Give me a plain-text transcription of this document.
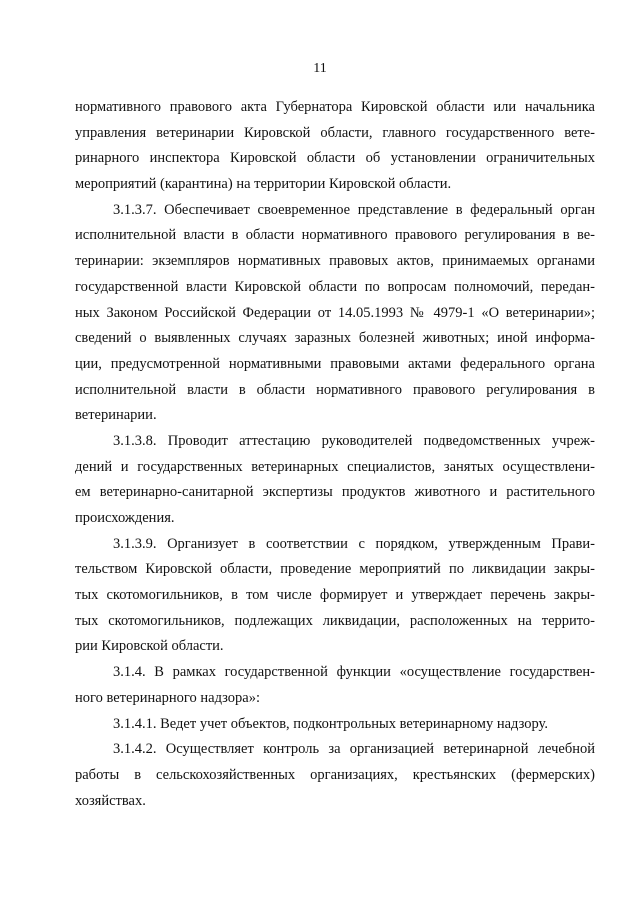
11
нормативного правового акта Губернатора Кировской области или начальника
управления ветеринарии Кировской области, главного государственного вете-
ринарного инспектора Кировской области об установлении ограничительных
мероприятий (карантина) на территории Кировской области.
3.1.3.7. Обеспечивает своевременное представление в федеральный орган
исполнительной власти в области нормативного правового регулирования в ве-
теринарии: экземпляров нормативных правовых актов, принимаемых органами
государственной власти Кировской области по вопросам полномочий, передан-
ных Законом Российской Федерации от 14.05.1993 № 4979-1 «О ветеринарии»;
сведений о выявленных случаях заразных болезней животных; иной информа-
ции, предусмотренной нормативными правовыми актами федерального органа
исполнительной власти в области нормативного правового регулирования в
ветеринарии.
3.1.3.8. Проводит аттестацию руководителей подведомственных учреж-
дений и государственных ветеринарных специалистов, занятых осуществлени-
ем ветеринарно-санитарной экспертизы продуктов животного и растительного
происхождения.
3.1.3.9. Организует в соответствии с порядком, утвержденным Прави-
тельством Кировской области, проведение мероприятий по ликвидации закры-
тых скотомогильников, в том числе формирует и утверждает перечень закры-
тых скотомогильников, подлежащих ликвидации, расположенных на террито-
рии Кировской области.
3.1.4. В рамках государственной функции «осуществление государствен-
ного ветеринарного надзора»:
3.1.4.1. Ведет учет объектов, подконтрольных ветеринарному надзору.
3.1.4.2. Осуществляет контроль за организацией ветеринарной лечебной
работы в сельскохозяйственных организациях, крестьянских (фермерских)
хозяйствах.
